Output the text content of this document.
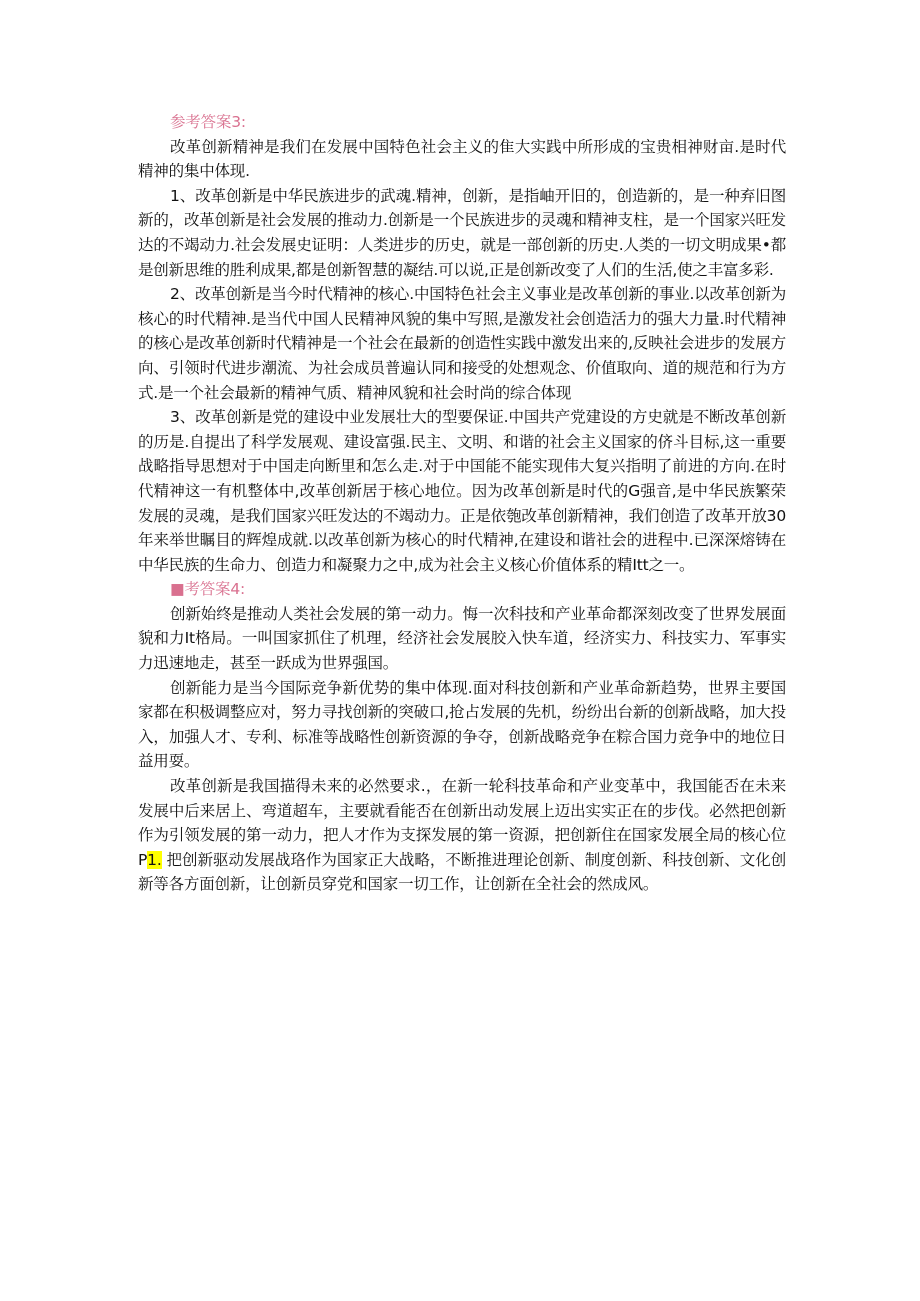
参考答案3:

改革创新精神是我们在发展中国特色社会主义的隹大实践中所形成的宝贵相神财亩.是时代精神的集中体现.

1、改革创新是中华民族进步的武魂.精神，创新，是指岫开旧的，创造新的，是一种弃旧图新的，改革创新是社会发展的推动力.创新是一个民族进步的灵魂和精神支柱，是一个国家兴旺发达的不竭动力.社会发展史证明：人类进步的历史，就是一部创新的历史.人类的一切文明成果•都是创新思维的胜利成果,都是创新智慧的凝结.可以说,正是创新改变了人们的生活,使之丰富多彩.

2、改革创新是当今时代精神的核心.中国特色社会主义事业是改革创新的事业.以改革创新为核心的时代精神.是当代中国人民精神风貌的集中写照,是激发社会创造活力的强大力量.时代精神的核心是改革创新时代精神是一个社会在最新的创造性实践中激发出来的,反映社会进步的发展方向、引领时代进步潮流、为社会成员普遍认同和接受的处想观念、价值取向、道的规范和行为方式.是一个社会最新的精神气质、精神风貌和社会时尚的综合体现

3、改革创新是党的建设中业发展壮大的型要保证.中国共产党建设的方史就是不断改革创新的历是.自提出了科学发展观、建设富强.民主、文明、和谐的社会主义国家的侪斗目标,这一重要战略指导思想对于中国走向断里和怎么走.对于中国能不能实现伟大复兴指明了前进的方向.在时代精神这一有机整体中,改革创新居于核心地位。因为改革创新是时代的G强音,是中华民族繁荣发展的灵魂，是我们国家兴旺发达的不竭动力。正是依匏改革创新精神，我们创造了改革开放30年来举世瞩目的辉煌成就.以改革创新为核心的时代精神,在建设和谐社会的进程中.已深深熔铸在中华民族的生命力、创造力和凝聚力之中,成为社会主义核心价值体系的精Itt之一。

■考答案4:

创新始终是推动人类社会发展的第一动力。悔一次科技和产业革命都深刻改变了世界发展面貌和力It格局。一叫国家抓住了机理，经济社会发展胶入快车道，经济实力、科技实力、军事实力迅速地走，甚至一跃成为世界强国。

创新能力是当今国际竞争新优势的集中体现.面对科技创新和产业革命新趋势，世界主要国家都在积极调整应对，努力寻找创新的突破口,抢占发展的先机，纷纷出台新的创新战略，加大投入，加强人才、专利、标准等战略性创新资源的争夺，创新战略竞争在粽合国力竞争中的地位日益用耍。

改革创新是我国描得未来的必然要求.，在新一轮科技革命和产业变革中，我国能否在未来发展中后来居上、弯道超车，主要就看能否在创新出动发展上迈出实实正在的步伐。必然把创新作为引领发展的第一动力，把人才作为支探发展的第一资源，把创新住在国家发展全局的核心位P1. 把创新驱动发展战珞作为国家正大战略，不断推进理论创新、制度创新、科技创新、文化创新等各方面创新，让创新员穿党和国家一切工作，让创新在全社会的然成风。
